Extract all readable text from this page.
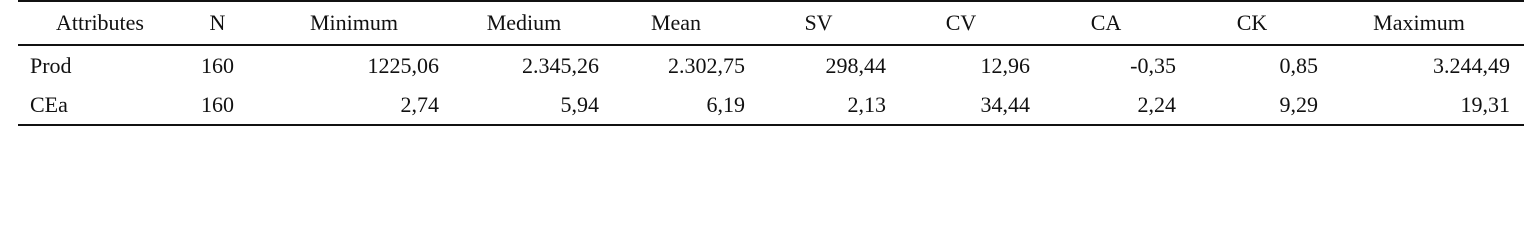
Attributes	N	Minimum	Medium	Mean	SV	CV	CA	CK	Maximum
Prod	160	1225,06	2.345,26	2.302,75	298,44	12,96	-0,35	0,85	3.244,49
CEa	160	2,74	5,94	6,19	2,13	34,44	2,24	9,29	19,31
